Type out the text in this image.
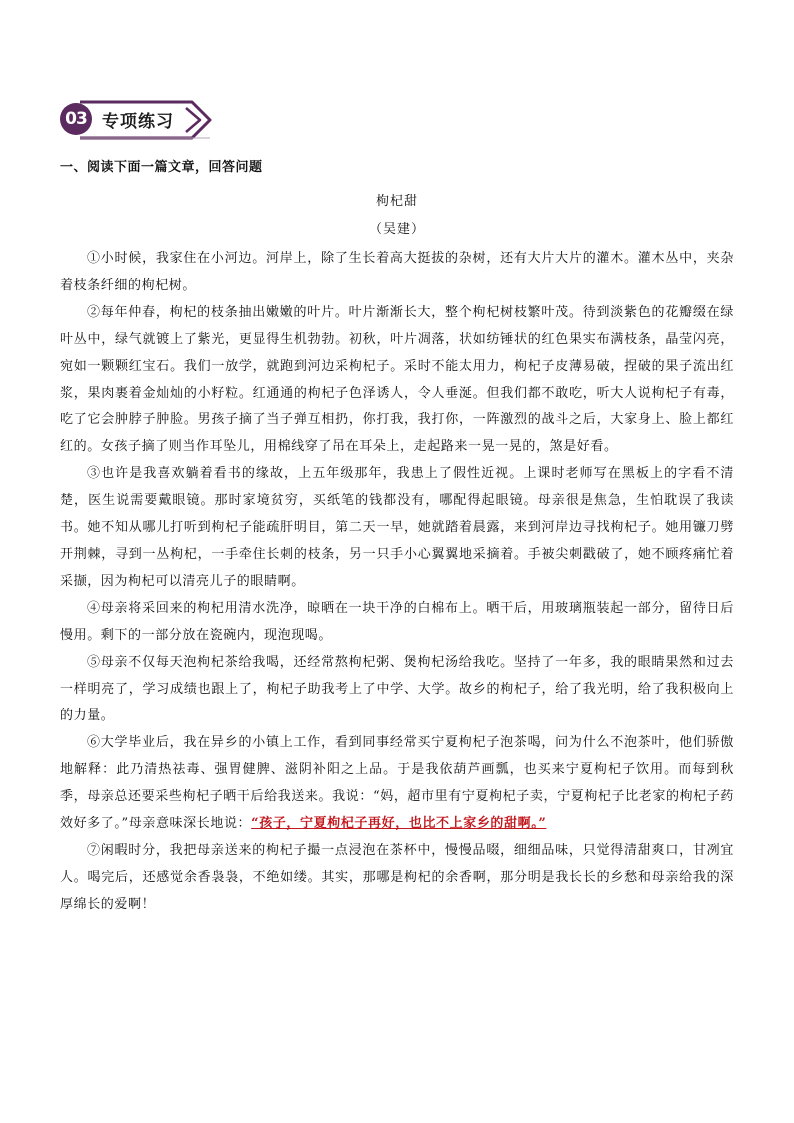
03 专项练习
一、阅读下面一篇文章，回答问题
枸杞甜
（吴建）

①小时候，我家住在小河边。河岸上，除了生长着高大挺拔的杂树，还有大片大片的灌木。灌木丛中，夹杂着枝条纤细的枸杞树。

②每年仲春，枸杞的枝条抽出嫩嫩的叶片。叶片渐渐长大，整个枸杞树枝繁叶茂。待到淡紫色的花瓣缀在绿叶丛中，绿气就镀上了紫光，更显得生机勃勃。初秋，叶片凋落，状如纺锤状的红色果实布满枝条，晶莹闪亮，宛如一颗颗红宝石。我们一放学，就跑到河边采枸杞子。采时不能太用力，枸杞子皮薄易破，捏破的果子流出红浆，果肉裹着金灿灿的小籽粒。红通通的枸杞子色泽诱人，令人垂涎。但我们都不敢吃，听大人说枸杞子有毒，吃了它会肿脖子肿脸。男孩子摘了当子弹互相扔，你打我，我打你，一阵激烈的战斗之后，大家身上、脸上都红红的。女孩子摘了则当作耳坠儿，用棉线穿了吊在耳朵上，走起路来一晃一晃的，煞是好看。

③也许是我喜欢躺着看书的缘故，上五年级那年，我患上了假性近视。上课时老师写在黑板上的字看不清楚，医生说需要戴眼镜。那时家境贫穷，买纸笔的钱都没有，哪配得起眼镜。母亲很是焦急，生怕耽误了我读书。她不知从哪儿打听到枸杞子能疏肝明目，第二天一早，她就踏着晨露，来到河岸边寻找枸杞子。她用镰刀劈开荆棘，寻到一丛枸杞，一手牵住长刺的枝条，另一只手小心翼翼地采摘着。手被尖刺戳破了，她不顾疼痛忙着采撷，因为枸杞可以清亮儿子的眼睛啊。

④母亲将采回来的枸杞用清水洗净，晾晒在一块干净的白棉布上。晒干后，用玻璃瓶装起一部分，留待日后慢用。剩下的一部分放在瓷碗内，现泡现喝。

⑤母亲不仅每天泡枸杞茶给我喝，还经常熬枸杞粥、煲枸杞汤给我吃。坚持了一年多，我的眼睛果然和过去一样明亮了，学习成绩也跟上了，枸杞子助我考上了中学、大学。故乡的枸杞子，给了我光明，给了我积极向上的力量。

⑥大学毕业后，我在异乡的小镇上工作，看到同事经常买宁夏枸杞子泡茶喝，问为什么不泡茶叶，他们骄傲地解释：此乃清热祛毒、强胃健脾、滋阴补阳之上品。于是我依葫芦画瓢，也买来宁夏枸杞子饮用。而每到秋季，母亲总还要采些枸杞子晒干后给我送来。我说：“妈，超市里有宁夏枸杞子卖，宁夏枸杞子比老家的枸杞子药效好多了。”母亲意味深长地说：“孩子，宁夏枸杞子再好，也比不上家乡的甜啊。”

⑦闲暇时分，我把母亲送来的枸杞子撮一点浸泡在茶杯中，慢慢品啜，细细品味，只觉得清甜爽口，甘冽宜人。喝完后，还感觉余香袅袅，不绝如缕。其实，那哪是枸杞的余香啊，那分明是我长长的乡愁和母亲给我的深厚绵长的爱啊！
